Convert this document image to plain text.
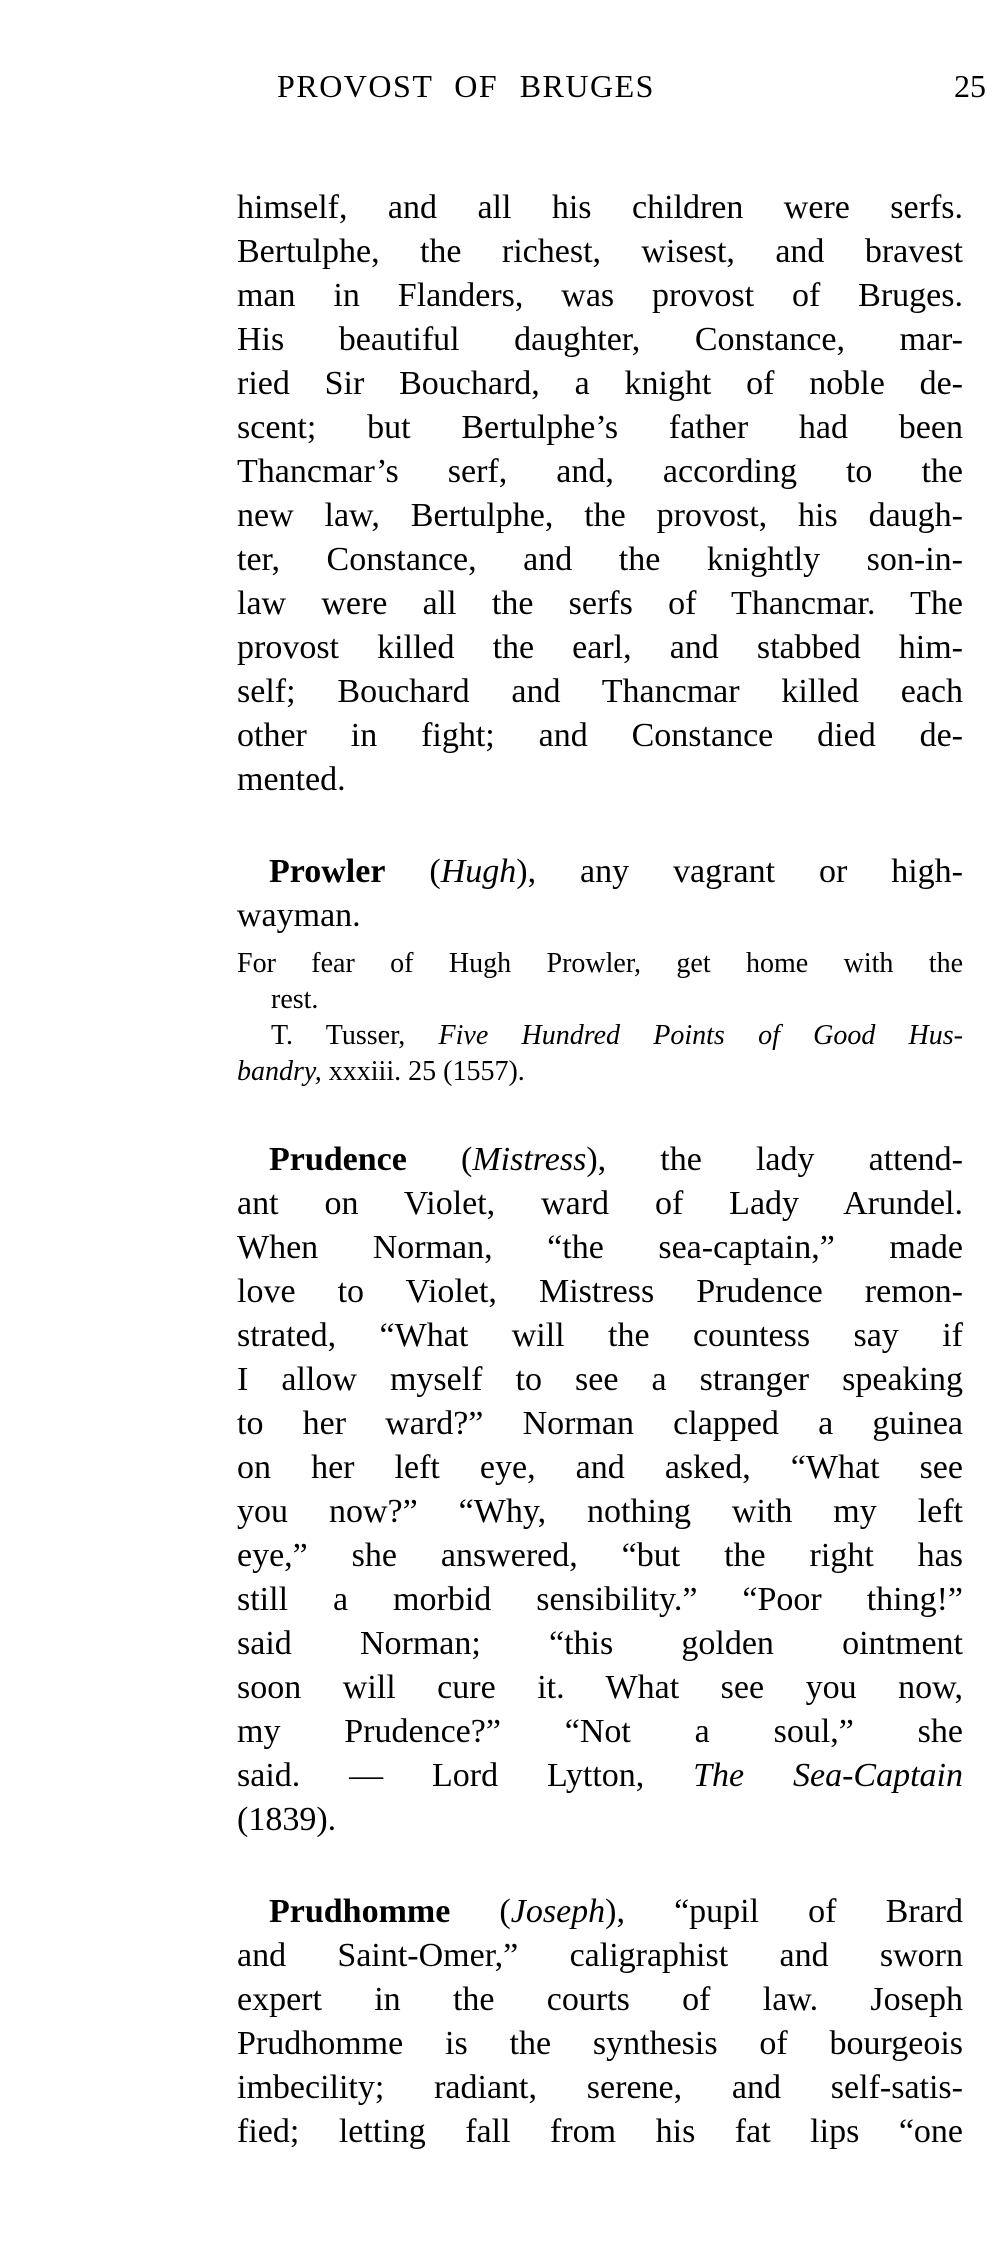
PROVOST OF BRUGES	25
himself, and all his children were serfs.
Bertulphe, the richest, wisest, and bravest
man in Flanders, was provost of Bruges.
His beautiful daughter, Constance, mar-
ried Sir Bouchard, a knight of noble de-
scent; but Bertulphe’s father had been
Thancmar’s serf, and, according to the
new law, Bertulphe, the provost, his daugh-
ter, Constance, and the knightly son-in-
law were all the serfs of Thancmar. The
provost killed the earl, and stabbed him-
self; Bouchard and Thancmar killed each
other in fight; and Constance died de-
mented.
Prowler (Hugh), any vagrant or high-
wayman.
For fear of Hugh Prowler, get home with the
rest.
T. Tusser, Five Hundred Points of Good Hus-
bandry, xxxiii. 25 (1557).
Prudence (Mistress), the lady attend-
ant on Violet, ward of Lady Arundel.
When Norman, “the sea-captain,” made
love to Violet, Mistress Prudence remon-
strated, “What will the countess say if
I allow myself to see a stranger speaking
to her ward?” Norman clapped a guinea
on her left eye, and asked, “What see
you now?” “Why, nothing with my left
eye,” she answered, “but the right has
still a morbid sensibility.” “Poor thing!”
said Norman; “this golden ointment
soon will cure it. What see you now,
my Prudence?” “Not a soul,” she
said. — Lord Lytton, The Sea-Captain
(1839).
Prudhomme (Joseph), “pupil of Brard
and Saint-Omer,” caligraphist and sworn
expert in the courts of law. Joseph
Prudhomme is the synthesis of bourgeois
imbecility; radiant, serene, and self-satis-
fied; letting fall from his fat lips “one
